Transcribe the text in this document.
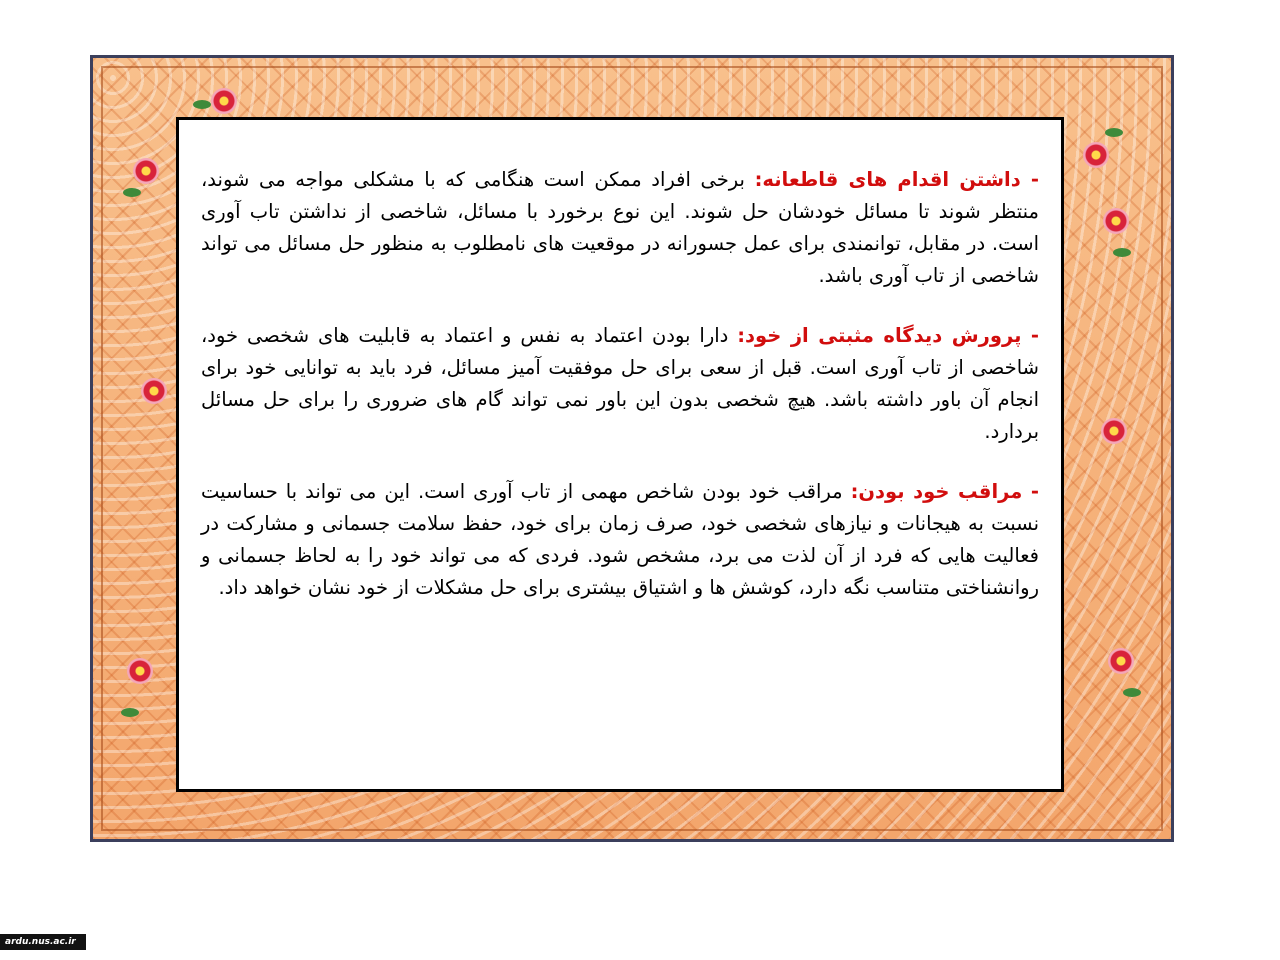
- داشتن اقدام های قاطعانه: برخی افراد ممکن است هنگامی که با مشکلی مواجه می شوند، منتظر شوند تا مسائل خودشان حل شوند. این نوع برخورد با مسائل، شاخصی از نداشتن تاب آوری است. در مقابل، توانمندی برای عمل جسورانه در موقعیت های نامطلوب به منظور حل مسائل می تواند شاخصی از تاب آوری باشد.

- پرورش دیدگاه مثبتی از خود: دارا بودن اعتماد به نفس و اعتماد به قابلیت های شخصی خود، شاخصی از تاب آوری است. قبل از سعی برای حل موفقیت آمیز مسائل، فرد باید به توانایی خود برای انجام آن باور داشته باشد. هیچ شخصی بدون این باور نمی تواند گام های ضروری را برای حل مسائل بردارد.

- مراقب خود بودن: مراقب خود بودن شاخص مهمی از تاب آوری است. این می تواند با حساسیت نسبت به هیجانات و نیازهای شخصی خود، صرف زمان برای خود، حفظ سلامت جسمانی و مشارکت در فعالیت هایی که فرد از آن لذت می برد، مشخص شود. فردی که می تواند خود را به لحاظ جسمانی و روانشناختی متناسب نگه دارد، کوشش ها و اشتیاق بیشتری برای حل مشکلات از خود نشان خواهد داد.

ardu.nus.ac.ir
